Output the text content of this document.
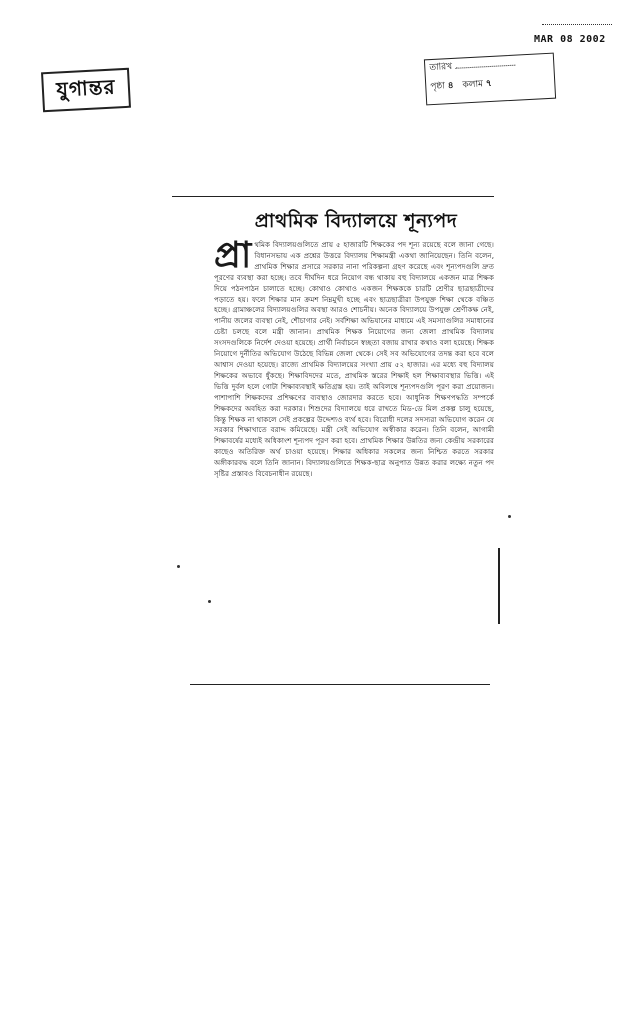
MAR 08 2002
যুগান্তর
তারিখ
পৃষ্ঠা ৪ কলাম ৭
প্রাথমিক বিদ্যালয়ে শূন্যপদ
প্রা থমিক বিদ্যালয়গুলিতে প্রায় ৫ হাজারটি শিক্ষকের পদ শূন্য রয়েছে বলে জানা গেছে। বিধানসভায় এক প্রশ্নের উত্তরে বিদ্যালয় শিক্ষামন্ত্রী একথা জানিয়েছেন। তিনি বলেন, প্রাথমিক শিক্ষার প্রসারে সরকার নানা পরিকল্পনা গ্রহণ করেছে এবং শূন্যপদগুলি দ্রুত পূরণের ব্যবস্থা করা হচ্ছে। তবে দীর্ঘদিন ধরে নিয়োগ বন্ধ থাকায় বহু বিদ্যালয়ে একজন মাত্র শিক্ষক দিয়ে পঠনপাঠন চালাতে হচ্ছে। কোথাও কোথাও একজন শিক্ষককে চারটি শ্রেণীর ছাত্রছাত্রীদের পড়াতে হয়। ফলে শিক্ষার মান ক্রমশ নিম্নমুখী হচ্ছে এবং ছাত্রছাত্রীরা উপযুক্ত শিক্ষা থেকে বঞ্চিত হচ্ছে। গ্রামাঞ্চলের বিদ্যালয়গুলির অবস্থা আরও শোচনীয়। অনেক বিদ্যালয়ে উপযুক্ত শ্রেণীকক্ষ নেই, পানীয় জলের ব্যবস্থা নেই, শৌচাগার নেই। সর্বশিক্ষা অভিযানের মাধ্যমে এই সমস্যাগুলির সমাধানের চেষ্টা চলছে বলে মন্ত্রী জানান। প্রাথমিক শিক্ষক নিয়োগের জন্য জেলা প্রাথমিক বিদ্যালয় সংসদগুলিকে নির্দেশ দেওয়া হয়েছে। প্রার্থী নির্বাচনে স্বচ্ছতা বজায় রাখার কথাও বলা হয়েছে। শিক্ষক নিয়োগে দুর্নীতির অভিযোগ উঠেছে বিভিন্ন জেলা থেকে। সেই সব অভিযোগের তদন্ত করা হবে বলে আশ্বাস দেওয়া হয়েছে। রাজ্যে প্রাথমিক বিদ্যালয়ের সংখ্যা প্রায় ৫২ হাজার। এর মধ্যে বহু বিদ্যালয় শিক্ষকের অভাবে ধুঁকছে। শিক্ষাবিদদের মতে, প্রাথমিক স্তরের শিক্ষাই হল শিক্ষাব্যবস্থার ভিত্তি। এই ভিত্তি দুর্বল হলে গোটা শিক্ষাব্যবস্থাই ক্ষতিগ্রস্ত হয়। তাই অবিলম্বে শূন্যপদগুলি পূরণ করা প্রয়োজন। পাশাপাশি শিক্ষকদের প্রশিক্ষণের ব্যবস্থাও জোরদার করতে হবে। আধুনিক শিক্ষণপদ্ধতি সম্পর্কে শিক্ষকদের অবহিত করা দরকার। শিশুদের বিদ্যালয়ে ধরে রাখতে মিড-ডে মিল প্রকল্প চালু হয়েছে, কিন্তু শিক্ষক না থাকলে সেই প্রকল্পের উদ্দেশ্যও ব্যর্থ হবে। বিরোধী দলের সদস্যরা অভিযোগ করেন যে সরকার শিক্ষাখাতে বরাদ্দ কমিয়েছে। মন্ত্রী সেই অভিযোগ অস্বীকার করেন। তিনি বলেন, আগামী শিক্ষাবর্ষের মধ্যেই অধিকাংশ শূন্যপদ পূরণ করা হবে। প্রাথমিক শিক্ষার উন্নতির জন্য কেন্দ্রীয় সরকারের কাছেও অতিরিক্ত অর্থ চাওয়া হয়েছে। শিক্ষার অধিকার সকলের জন্য নিশ্চিত করতে সরকার অঙ্গীকারবদ্ধ বলে তিনি জানান। বিদ্যালয়গুলিতে শিক্ষক-ছাত্র অনুপাত উন্নত করার লক্ষ্যে নতুন পদ সৃষ্টির প্রস্তাবও বিবেচনাধীন রয়েছে।
